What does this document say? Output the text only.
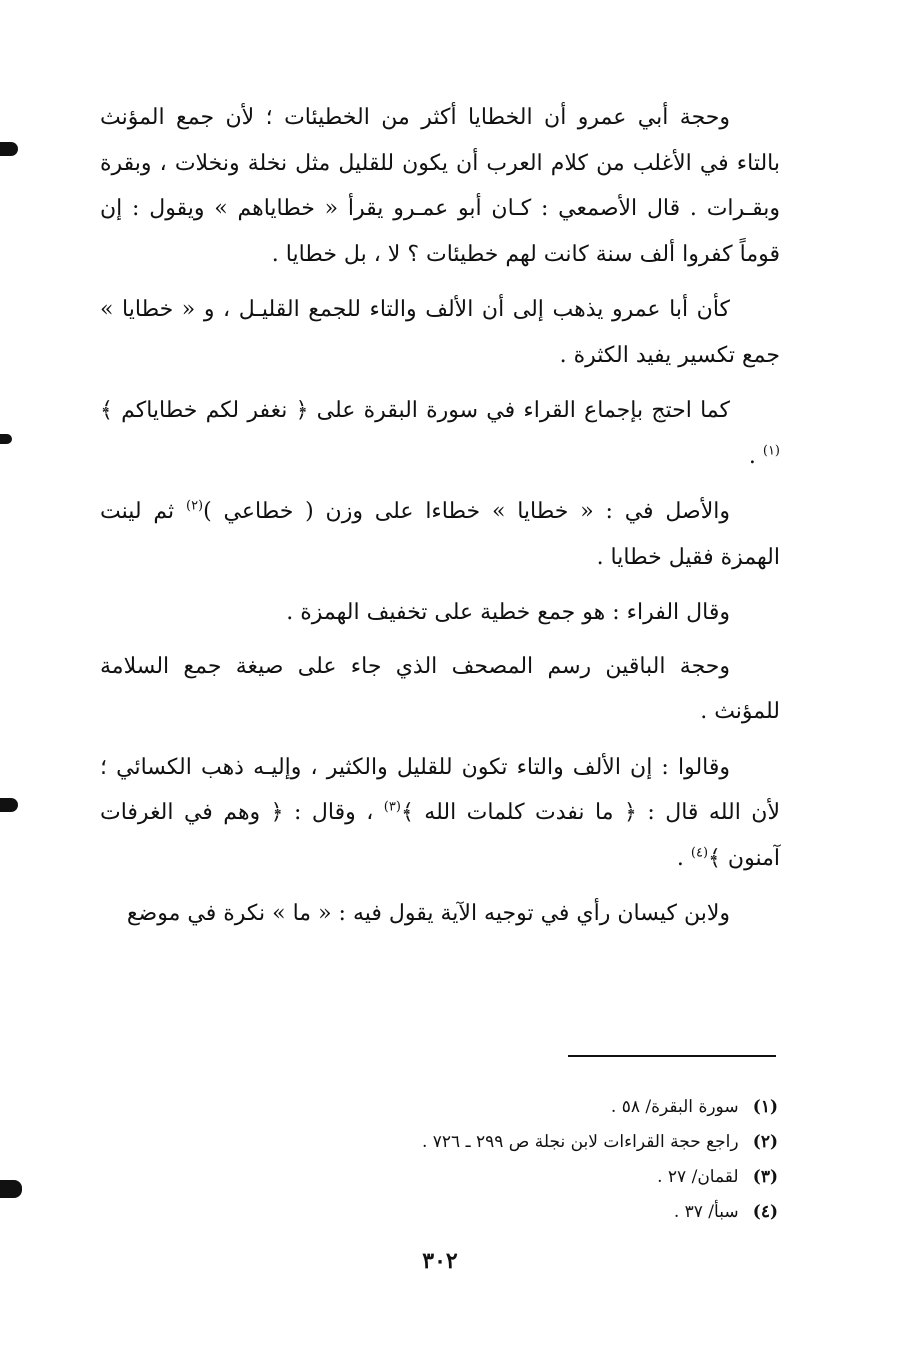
وحجة أبي عمرو أن الخطايا أكثر من الخطيئات ؛ لأن جمع المؤنث بالتاء في الأغلب من كلام العرب أن يكون للقليل مثل نخلة ونخلات ، وبقرة وبقـرات . قال الأصمعي : كـان أبو عمـرو يقرأ « خطاياهم » ويقول : إن قوماً كفروا ألف سنة كانت لهم خطيئات ؟ لا ، بل خطايا .

كأن أبا عمرو يذهب إلى أن الألف والتاء للجمع القليـل ، و « خطايا » جمع تكسير يفيد الكثرة .

كما احتج بإجماع القراء في سورة البقرة على ﴿ نغفر لكم خطاياكم ﴾$^{(١)}$ .

والأصل في : « خطايا » خطاءا على وزن ( خطاعي )$^{(٢)}$ ثم لينت الهمزة فقيل خطايا .

وقال الفراء : هو جمع خطية على تخفيف الهمزة .

وحجة الباقين رسم المصحف الذي جاء على صيغة جمع السلامة للمؤنث .

وقالوا : إن الألف والتاء تكون للقليل والكثير ، وإليـه ذهب الكسائي ؛ لأن الله قال : ﴿ ما نفدت كلمات الله ﴾$^{(٣)}$ ، وقال : ﴿ وهم في الغرفات آمنون ﴾$^{(٤)}$ .

ولابن كيسان رأي في توجيه الآية يقول فيه : « ما » نكرة في موضع

(١) سورة البقرة/ ٥٨ .
(٢) راجع حجة القراءات لابن نجلة ص ٢٩٩ ـ ٧٢٦ .
(٣) لقمان/ ٢٧ .
(٤) سبأ/ ٣٧ .
٣٠٢
